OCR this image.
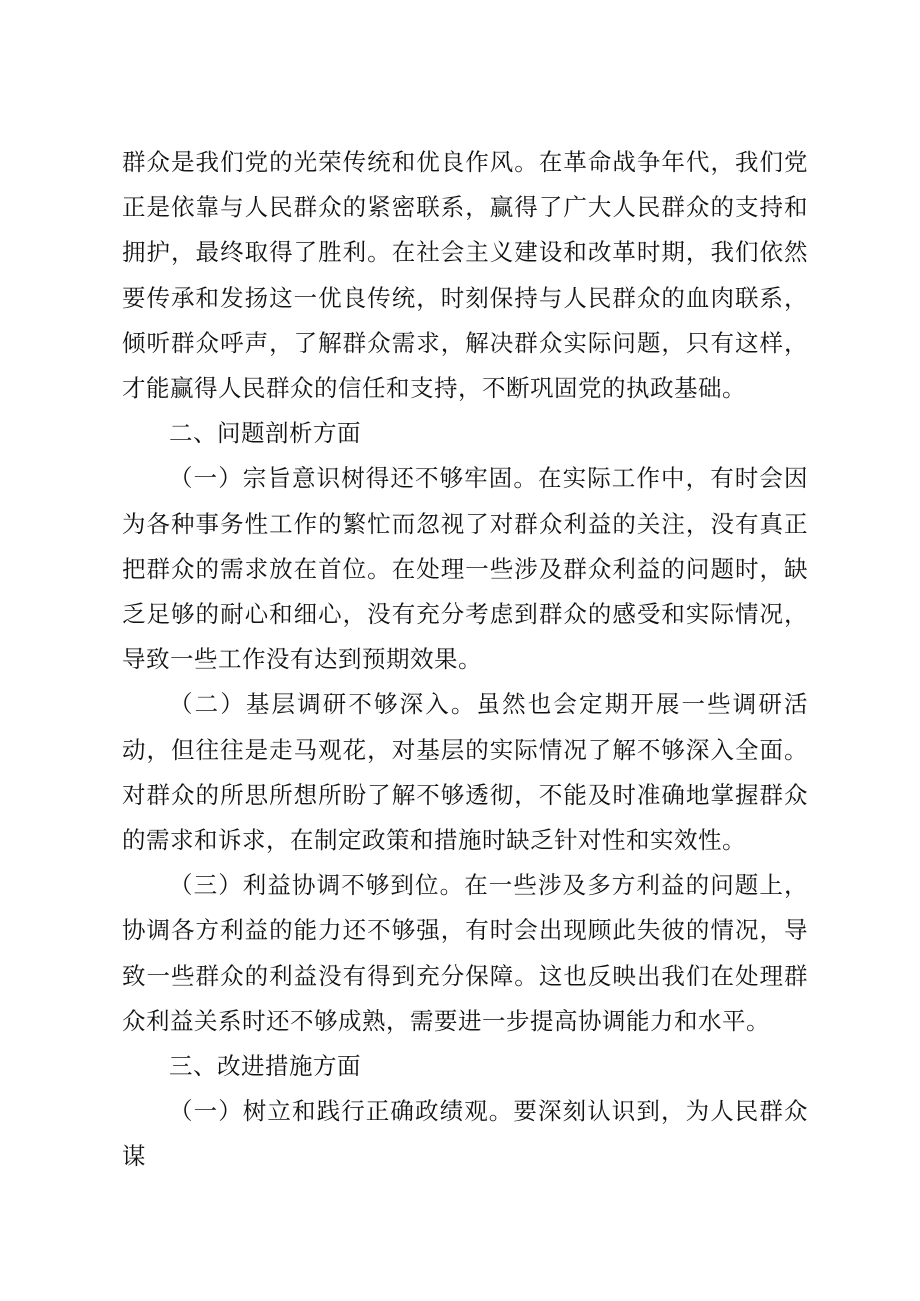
群众是我们党的光荣传统和优良作风。在革命战争年代，我们党正是依靠与人民群众的紧密联系，赢得了广大人民群众的支持和拥护，最终取得了胜利。在社会主义建设和改革时期，我们依然要传承和发扬这一优良传统，时刻保持与人民群众的血肉联系，倾听群众呼声，了解群众需求，解决群众实际问题，只有这样，才能赢得人民群众的信任和支持，不断巩固党的执政基础。

二、问题剖析方面

（一）宗旨意识树得还不够牢固。在实际工作中，有时会因为各种事务性工作的繁忙而忽视了对群众利益的关注，没有真正把群众的需求放在首位。在处理一些涉及群众利益的问题时，缺乏足够的耐心和细心，没有充分考虑到群众的感受和实际情况，导致一些工作没有达到预期效果。

（二）基层调研不够深入。虽然也会定期开展一些调研活动，但往往是走马观花，对基层的实际情况了解不够深入全面。对群众的所思所想所盼了解不够透彻，不能及时准确地掌握群众的需求和诉求，在制定政策和措施时缺乏针对性和实效性。

（三）利益协调不够到位。在一些涉及多方利益的问题上，协调各方利益的能力还不够强，有时会出现顾此失彼的情况，导致一些群众的利益没有得到充分保障。这也反映出我们在处理群众利益关系时还不够成熟，需要进一步提高协调能力和水平。

三、改进措施方面

（一）树立和践行正确政绩观。要深刻认识到，为人民群众谋
